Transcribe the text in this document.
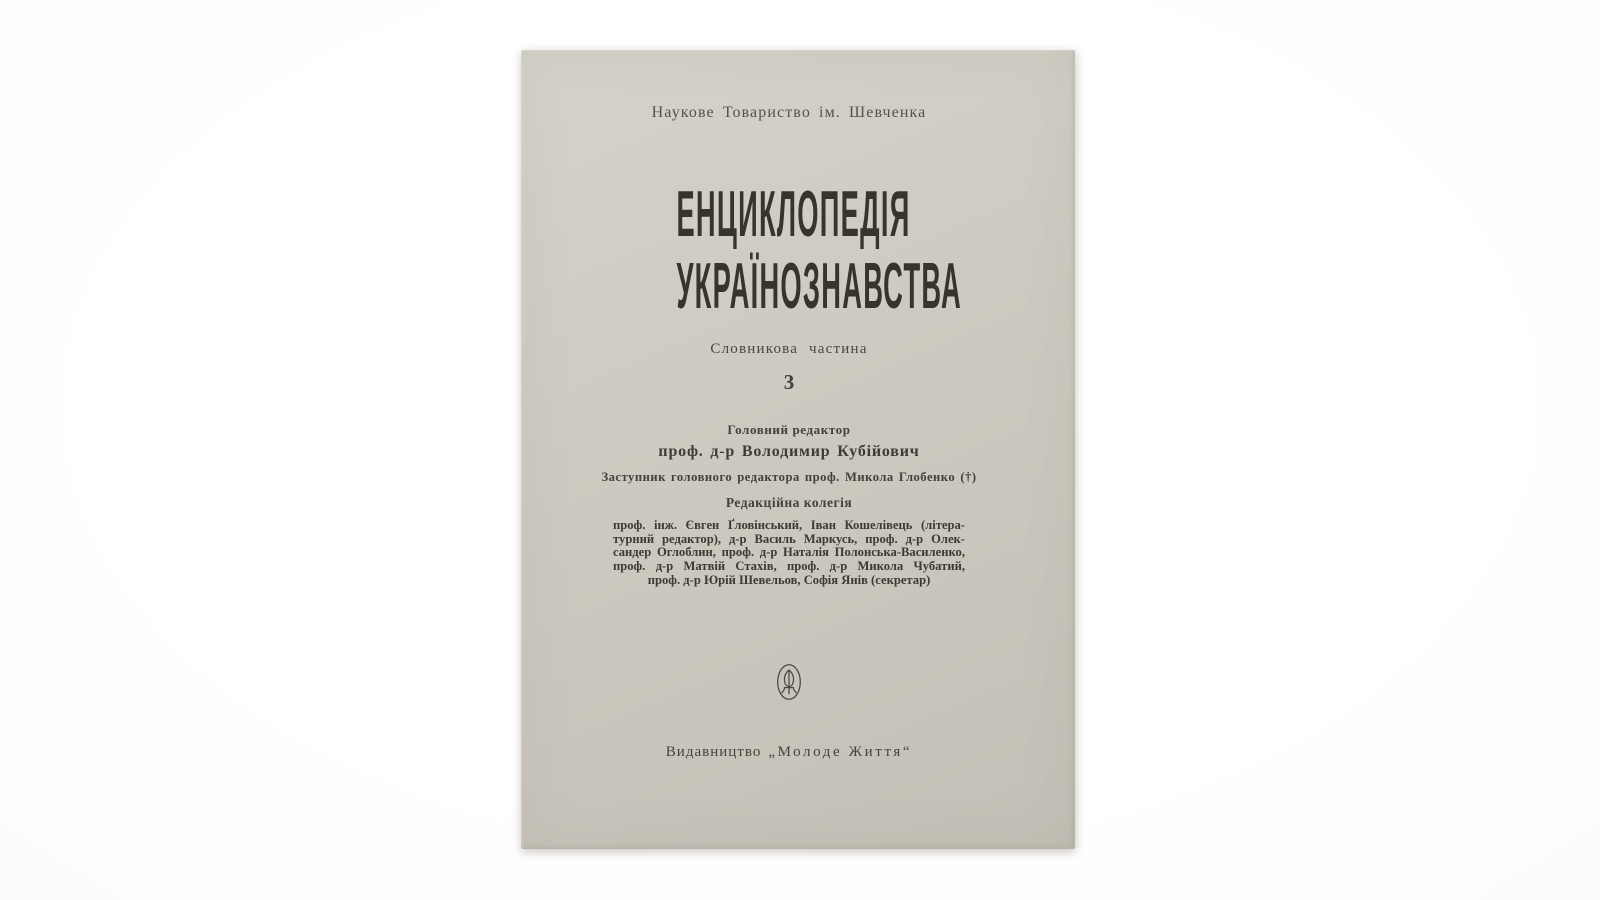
Наукове Товариство ім. Шевченка
ЕНЦИКЛОПЕДІЯ
УКРАЇНОЗНАВСТВА
Словникова частина
3
Головний редактор
проф. д-р Володимир Кубійович
Заступник головного редактора проф. Микола Глобенко (†)
Редакційна колегія
проф. інж. Євген Ґловінський, Іван Кошелівець (літера-
турний редактор), д-р Василь Маркусь, проф. д-р Олек-
сандер Оглоблин, проф. д-р Наталія Полонська-Василенко,
проф. д-р Матвій Стахів, проф. д-р Микола Чубатий,
проф. д-р Юрій Шевельов, Софія Янів (секретар)
Видавництво „Молоде Життя“
